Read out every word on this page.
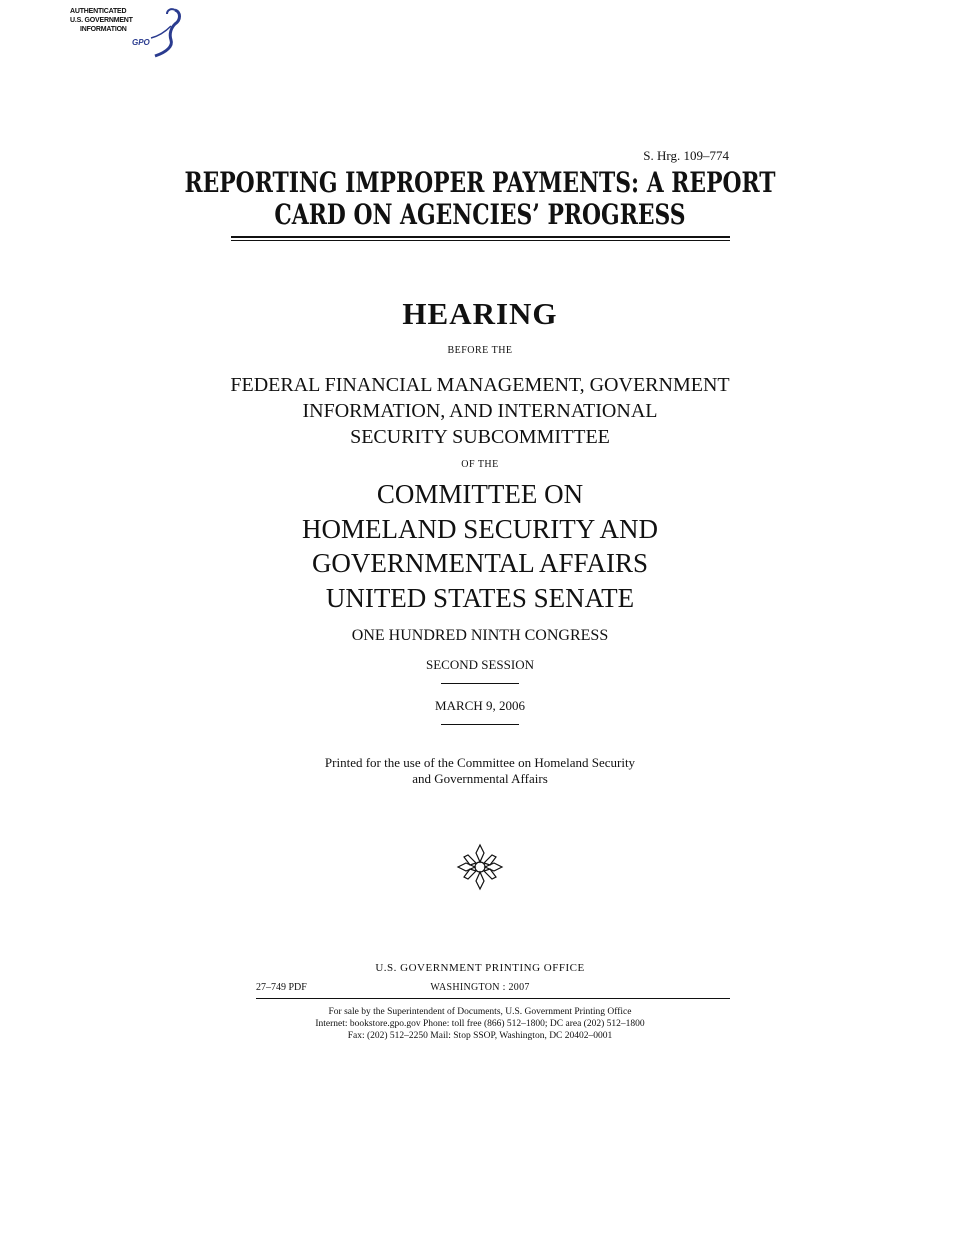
AUTHENTICATED
U.S. GOVERNMENT
INFORMATION
GPO
S. Hrg. 109–774
REPORTING IMPROPER PAYMENTS: A REPORT
CARD ON AGENCIES’ PROGRESS
HEARING
BEFORE THE
FEDERAL FINANCIAL MANAGEMENT, GOVERNMENT
INFORMATION, AND INTERNATIONAL
SECURITY SUBCOMMITTEE
OF THE
COMMITTEE ON
HOMELAND SECURITY AND
GOVERNMENTAL AFFAIRS
UNITED STATES SENATE
ONE HUNDRED NINTH CONGRESS
SECOND SESSION
MARCH 9, 2006
Printed for the use of the Committee on Homeland Security
and Governmental Affairs
U.S. GOVERNMENT PRINTING OFFICE
27–749 PDF	WASHINGTON : 2007
For sale by the Superintendent of Documents, U.S. Government Printing Office
Internet: bookstore.gpo.gov Phone: toll free (866) 512–1800; DC area (202) 512–1800
Fax: (202) 512–2250 Mail: Stop SSOP, Washington, DC 20402–0001
